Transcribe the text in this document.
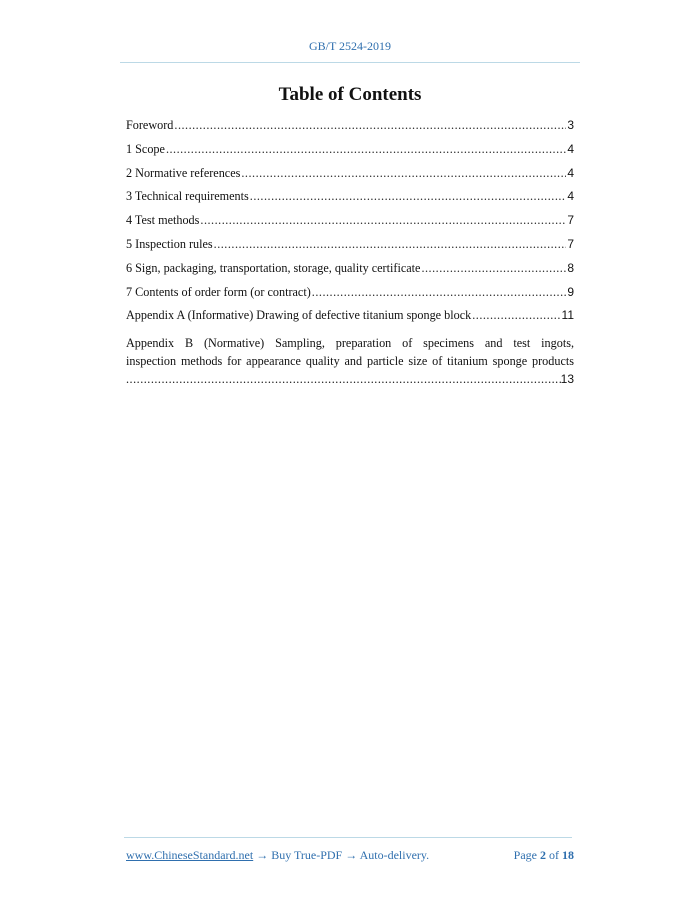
GB/T 2524-2019
Table of Contents
Foreword .....	3
1 Scope .....	4
2 Normative references .....	4
3 Technical requirements .....	4
4 Test methods .....	7
5 Inspection rules .....	7
6 Sign, packaging, transportation, storage, quality certificate .....	8
7 Contents of order form (or contract) .....	9
Appendix A (Informative) Drawing of defective titanium sponge block .....	11
Appendix B (Normative) Sampling, preparation of specimens and test ingots,
inspection methods for appearance quality and particle size of titanium sponge products
.....
13
www.ChineseStandard.net → Buy True-PDF → Auto-delivery.	Page 2 of 18
